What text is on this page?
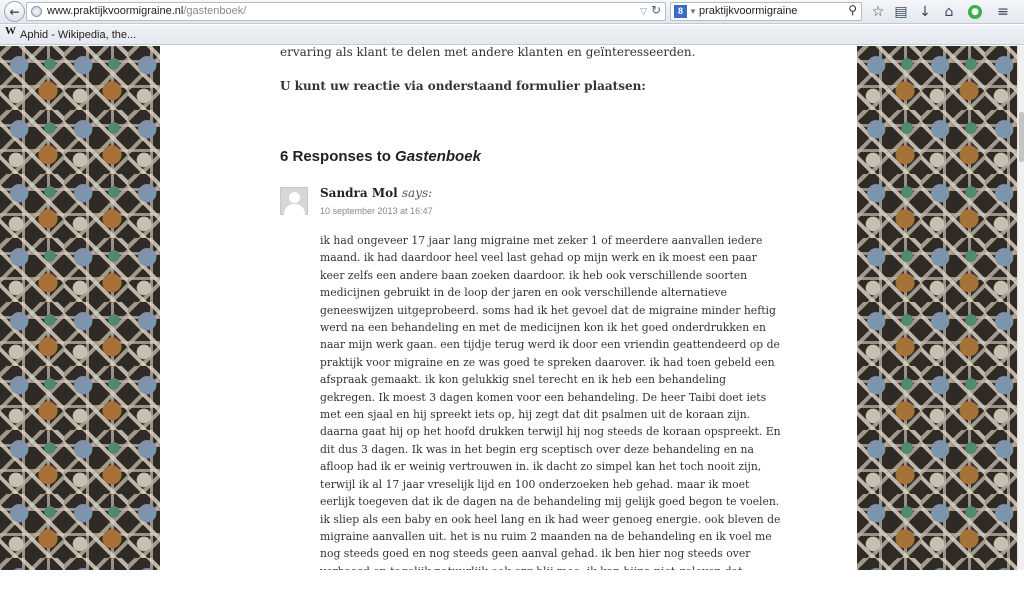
←	www.praktijkvoormigraine.nl/gastenboek/	▽ ↻	8 ▼ praktijkvoormigraine	⚲ ☆ ▤ ↓ ⌂	● ≡
W Aphid - Wikipedia, the...
ervaring als klant te delen met andere klanten en geïnteresseerden.
U kunt uw reactie via onderstaand formulier plaatsen:
6 Responses to Gastenboek
Sandra Mol says:
10 september 2013 at 16:47
ik had ongeveer 17 jaar lang migraine met zeker 1 of meerdere aanvallen iedere
maand. ik had daardoor heel veel last gehad op mijn werk en ik moest een paar
keer zelfs een andere baan zoeken daardoor. ik heb ook verschillende soorten
medicijnen gebruikt in de loop der jaren en ook verschillende alternatieve
geneeswijzen uitgeprobeerd. soms had ik het gevoel dat de migraine minder heftig
werd na een behandeling en met de medicijnen kon ik het goed onderdrukken en
naar mijn werk gaan. een tijdje terug werd ik door een vriendin geattendeerd op de
praktijk voor migraine en ze was goed te spreken daarover. ik had toen gebeld een
afspraak gemaakt. ik kon gelukkig snel terecht en ik heb een behandeling
gekregen. Ik moest 3 dagen komen voor een behandeling. De heer Taibi doet iets
met een sjaal en hij spreekt iets op, hij zegt dat dit psalmen uit de koraan zijn.
daarna gaat hij op het hoofd drukken terwijl hij nog steeds de koraan opspreekt. En
dit dus 3 dagen. Ik was in het begin erg sceptisch over deze behandeling en na
afloop had ik er weinig vertrouwen in. ik dacht zo simpel kan het toch nooit zijn,
terwijl ik al 17 jaar vreselijk lijd en 100 onderzoeken heb gehad. maar ik moet
eerlijk toegeven dat ik de dagen na de behandeling mij gelijk goed begon te voelen.
ik sliep als een baby en ook heel lang en ik had weer genoeg energie. ook bleven de
migraine aanvallen uit. het is nu ruim 2 maanden na de behandeling en ik voel me
nog steeds goed en nog steeds geen aanval gehad. ik ben hier nog steeds over
